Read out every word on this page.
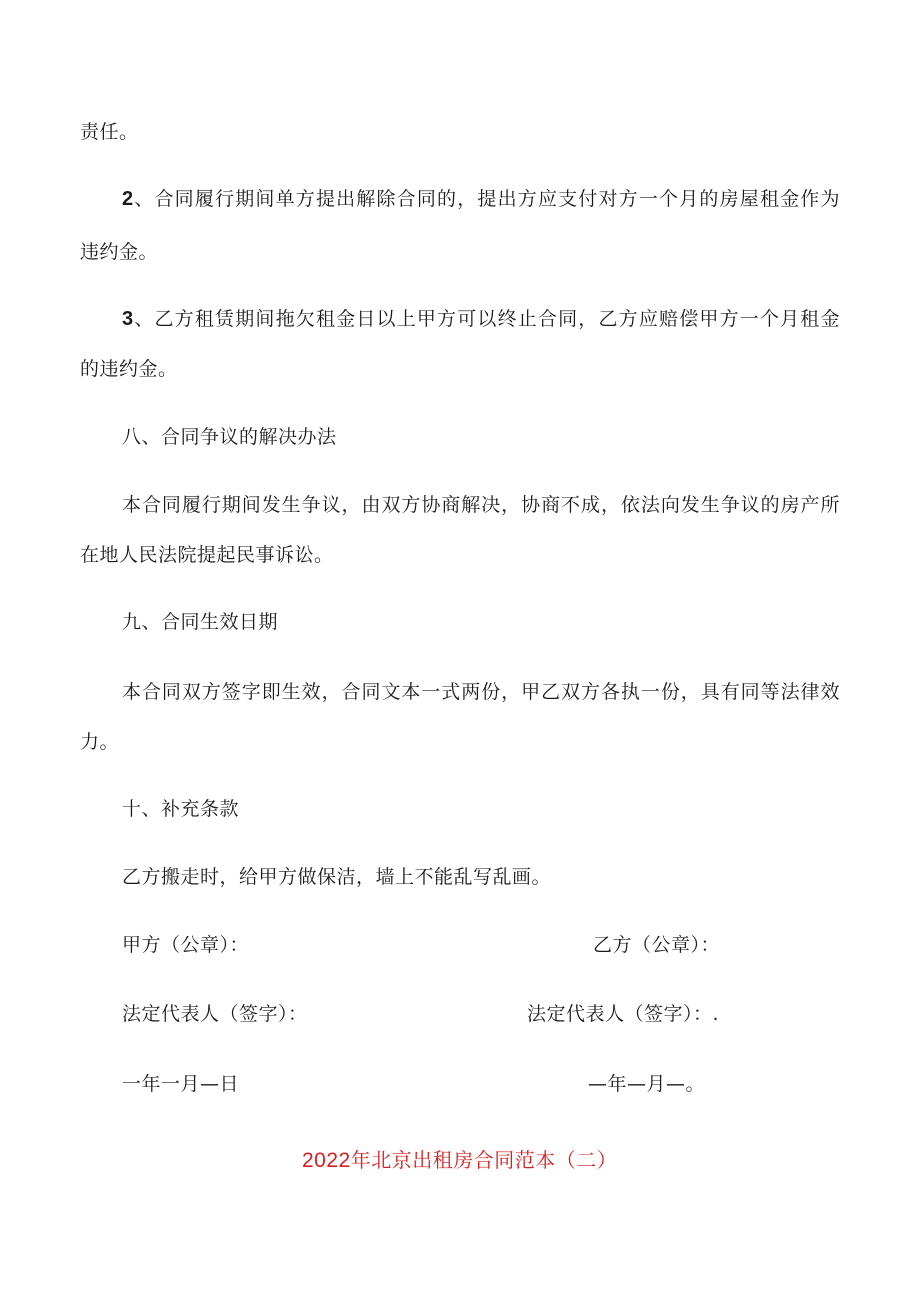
责任。
2、合同履行期间单方提出解除合同的，提出方应支付对方一个月的房屋租金作为
违约金。
3、乙方租赁期间拖欠租金日以上甲方可以终止合同，乙方应赔偿甲方一个月租金
的违约金。
八、合同争议的解决办法
本合同履行期间发生争议，由双方协商解决，协商不成，依法向发生争议的房产所
在地人民法院提起民事诉讼。
九、合同生效日期
本合同双方签字即生效，合同文本一式两份，甲乙双方各执一份，具有同等法律效
力。
十、补充条款
乙方搬走时，给甲方做保洁，墙上不能乱写乱画。
甲方（公章）：	乙方（公章）：
法定代表人（签字）：	法定代表人（签字）：.
一年一月—日	—年—月—。
2022年北京出租房合同范本（二）
